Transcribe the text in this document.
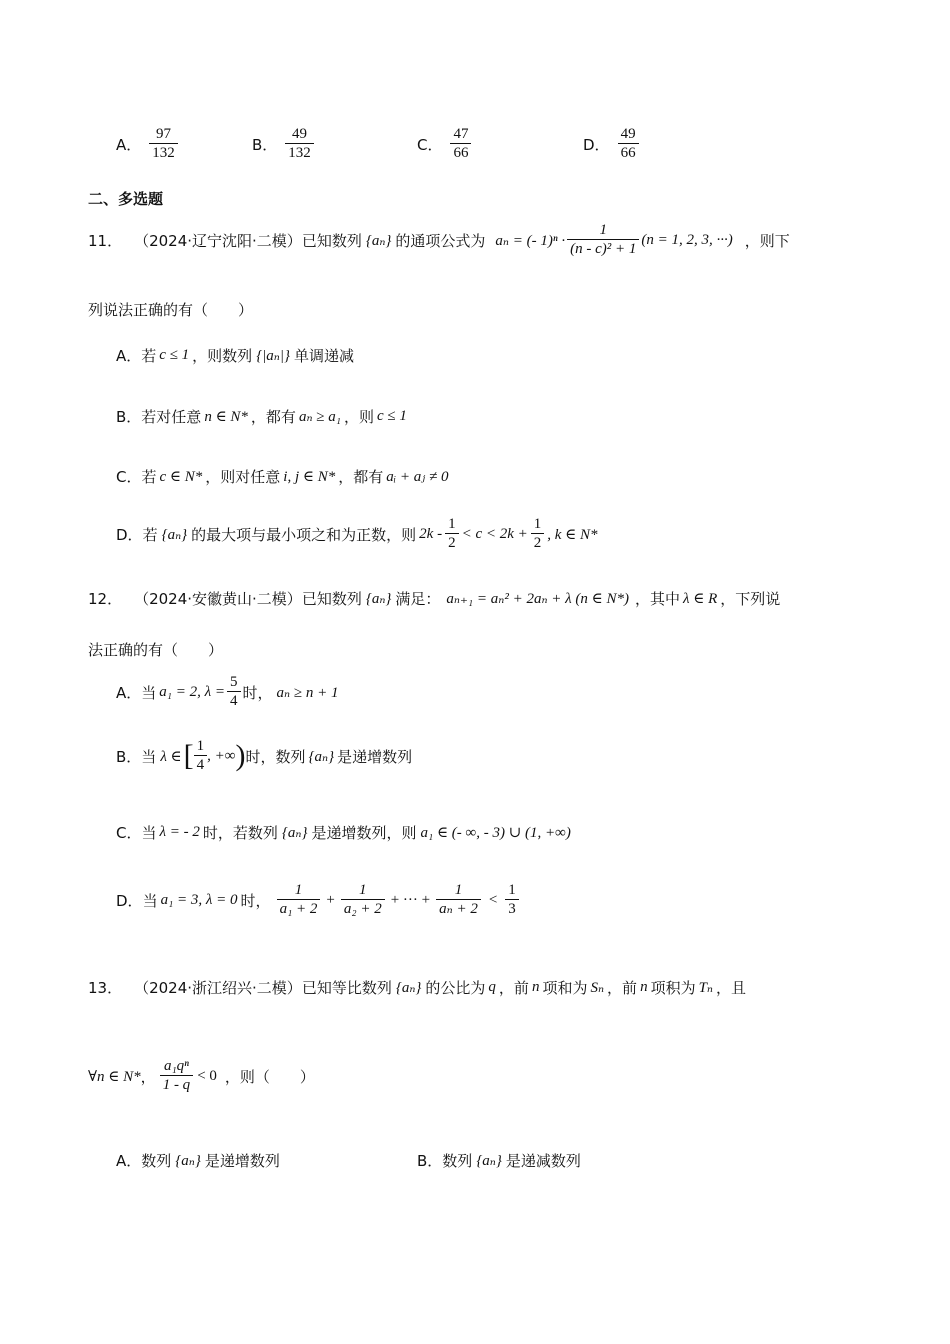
A． $\frac{97}{132}$	B． $\frac{49}{132}$	C． $\frac{47}{66}$	D． $\frac{49}{66}$
二、多选题
11． （2024·辽宁沈阳·二模） 已知数列 {aₙ} 的通项公式为 aₙ = (- $1)^n \cdot \frac{1}{\text{(n - c)² + 1}} (n = 1$, 2, 3, ···) ，则下
列说法正确的有（　　）
A． 若 c ≤ 1 ，则数列 {|aₙ|} 单调递减
B． 若对任意 n ∈ N* ，都有 aₙ ≥ a₁ ，则 c ≤ 1
C． 若 c ∈ N* ，则对任意 i, j ∈ N* ，都有 aᵢ + aⱼ ≠ 0
D． 若 {aₙ} 的最大项与最小项之和为正数，则 $2k - \frac{1}{2} < c < 2k + \frac{1}{2}$ , k ∈ N*
12． （2024·安徽黄山·二模） 已知数列 {aₙ} 满足： aₙ₊₁ = aₙ² + 2aₙ + λ (n ∈ N*) ，其中 λ ∈ R ，下列说
法正确的有（　　）
A． 当 a₁ = 2, $\lambda = \frac{5}{4}$ 时， aₙ ≥ n + 1
B． 当 λ ∈ [ $\frac{1}{4}$ , +∞ ) 时，数列 {aₙ} 是递增数列
C． 当 λ = - 2 时，若数列 {aₙ} 是递增数列，则 a₁ ∈ (- ∞, - 3) ∪ (1, +∞)
D． 当 a₁ = 3, λ = 0 时， $\frac{1}{\text{a₁ + 2}} + \frac{1}{\text{a₂ + 2}}$ + ··· + $\frac{1}{\text{aₙ + 2}} < \frac{1}{3}$
13． （2024·浙江绍兴·二模） 已知等比数列 {aₙ} 的公比为 q ，前 n 项和为 Sₙ ，前 n 项积为 Tₙ ，且
∀n ∈ N* ， $\frac{\text{a₁qⁿ}}{1 - q} < 0$ ，则（　　）
A． 数列 {aₙ} 是递增数列	B． 数列 {aₙ} 是递减数列
